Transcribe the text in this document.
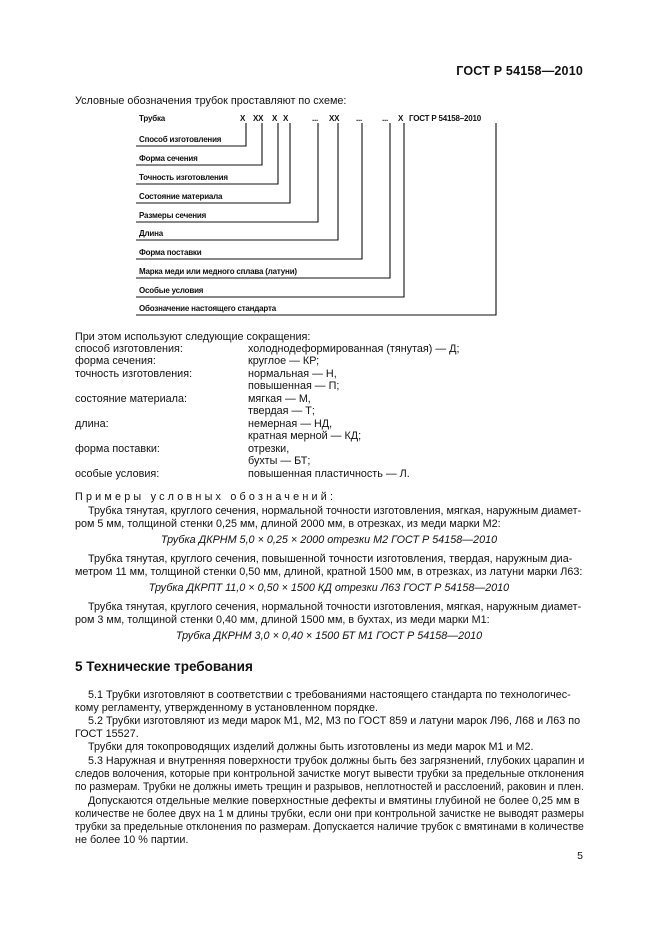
ГОСТ Р 54158—2010
Условные обозначения трубок проставляют по схеме:
Трубка	Х ХХ Х Х	... ХХ ... ... Х ГОСТ Р 54158–2010
Способ изготовления
Форма сечения
Точность изготовления
Состояние материала
Размеры сечения
Длина
Форма поставки
Марка меди или медного сплава (латуни)
Особые условия
Обозначение настоящего стандарта
При этом используют следующие сокращения:
способ изготовления:	холоднодеформированная (тянутая) — Д;
форма сечения:	круглое — КР;
точность изготовления:	нормальная — Н,
повышенная — П;
состояние материала:	мягкая — М,
твердая — Т;
длина:	немерная — НД,
кратная мерной — КД;
форма поставки:	отрезки,
бухты — БТ;
особые условия:	повышенная пластичность — Л.
Примеры условных обозначений:
Трубка тянутая, круглого сечения, нормальной точности изготовления, мягкая, наружным диамет-
ром 5 мм, толщиной стенки 0,25 мм, длиной 2000 мм, в отрезках, из меди марки М2:
Трубка ДКРНМ 5,0 × 0,25 × 2000 отрезки М2 ГОСТ Р 54158—2010
Трубка тянутая, круглого сечения, повышенной точности изготовления, твердая, наружным диа-
метром 11 мм, толщиной стенки 0,50 мм, длиной, кратной 1500 мм, в отрезках, из латуни марки Л63:
Трубка ДКРПТ 11,0 × 0,50 × 1500 КД отрезки Л63 ГОСТ Р 54158—2010
Трубка тянутая, круглого сечения, нормальной точности изготовления, мягкая, наружным диамет-
ром 3 мм, толщиной стенки 0,40 мм, длиной 1500 мм, в бухтах, из меди марки М1:
Трубка ДКРНМ 3,0 × 0,40 × 1500 БТ М1 ГОСТ Р 54158—2010
5 Технические требования
5.1 Трубки изготовляют в соответствии с требованиями настоящего стандарта по технологичес-
кому регламенту, утвержденному в установленном порядке.
5.2 Трубки изготовляют из меди марок М1, М2, М3 по ГОСТ 859 и латуни марок Л96, Л68 и Л63 по
ГОСТ 15527.
Трубки для токопроводящих изделий должны быть изготовлены из меди марок М1 и М2.
5.3 Наружная и внутренняя поверхности трубок должны быть без загрязнений, глубоких царапин и
следов волочения, которые при контрольной зачистке могут вывести трубки за предельные отклонения
по размерам. Трубки не должны иметь трещин и разрывов, неплотностей и расслоений, раковин и плен.
Допускаются отдельные мелкие поверхностные дефекты и вмятины глубиной не более 0,25 мм в
количестве не более двух на 1 м длины трубки, если они при контрольной зачистке не выводят размеры
трубки за предельные отклонения по размерам. Допускается наличие трубок с вмятинами в количестве
не более 10 % партии.
5
